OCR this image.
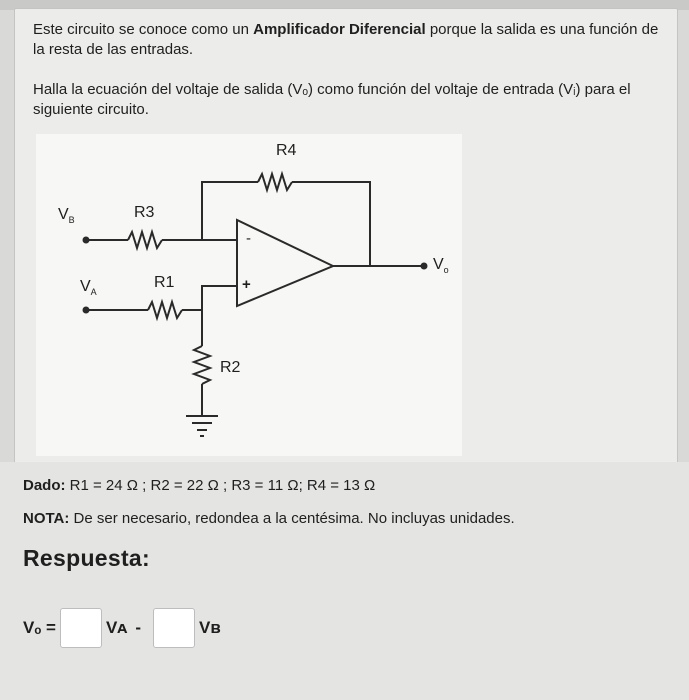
Este circuito se conoce como un Amplificador Diferencial porque la salida es una función de la resta de las entradas.

Halla la ecuación del voltaje de salida (Vₒ) como función del voltaje de entrada (Vᵢ) para el siguiente circuito.

R4
R3
R1
R2
$V_B$
$V_A$
$V_o$
-
+

Dado: R1 = 24 Ω ; R2 = 22 Ω ; R3 = 11 Ω; R4 = 13 Ω

NOTA: De ser necesario, redondea a la centésima. No incluyas unidades.

Respuesta:

Vₒ =	Vᴀ -	Vʙ
